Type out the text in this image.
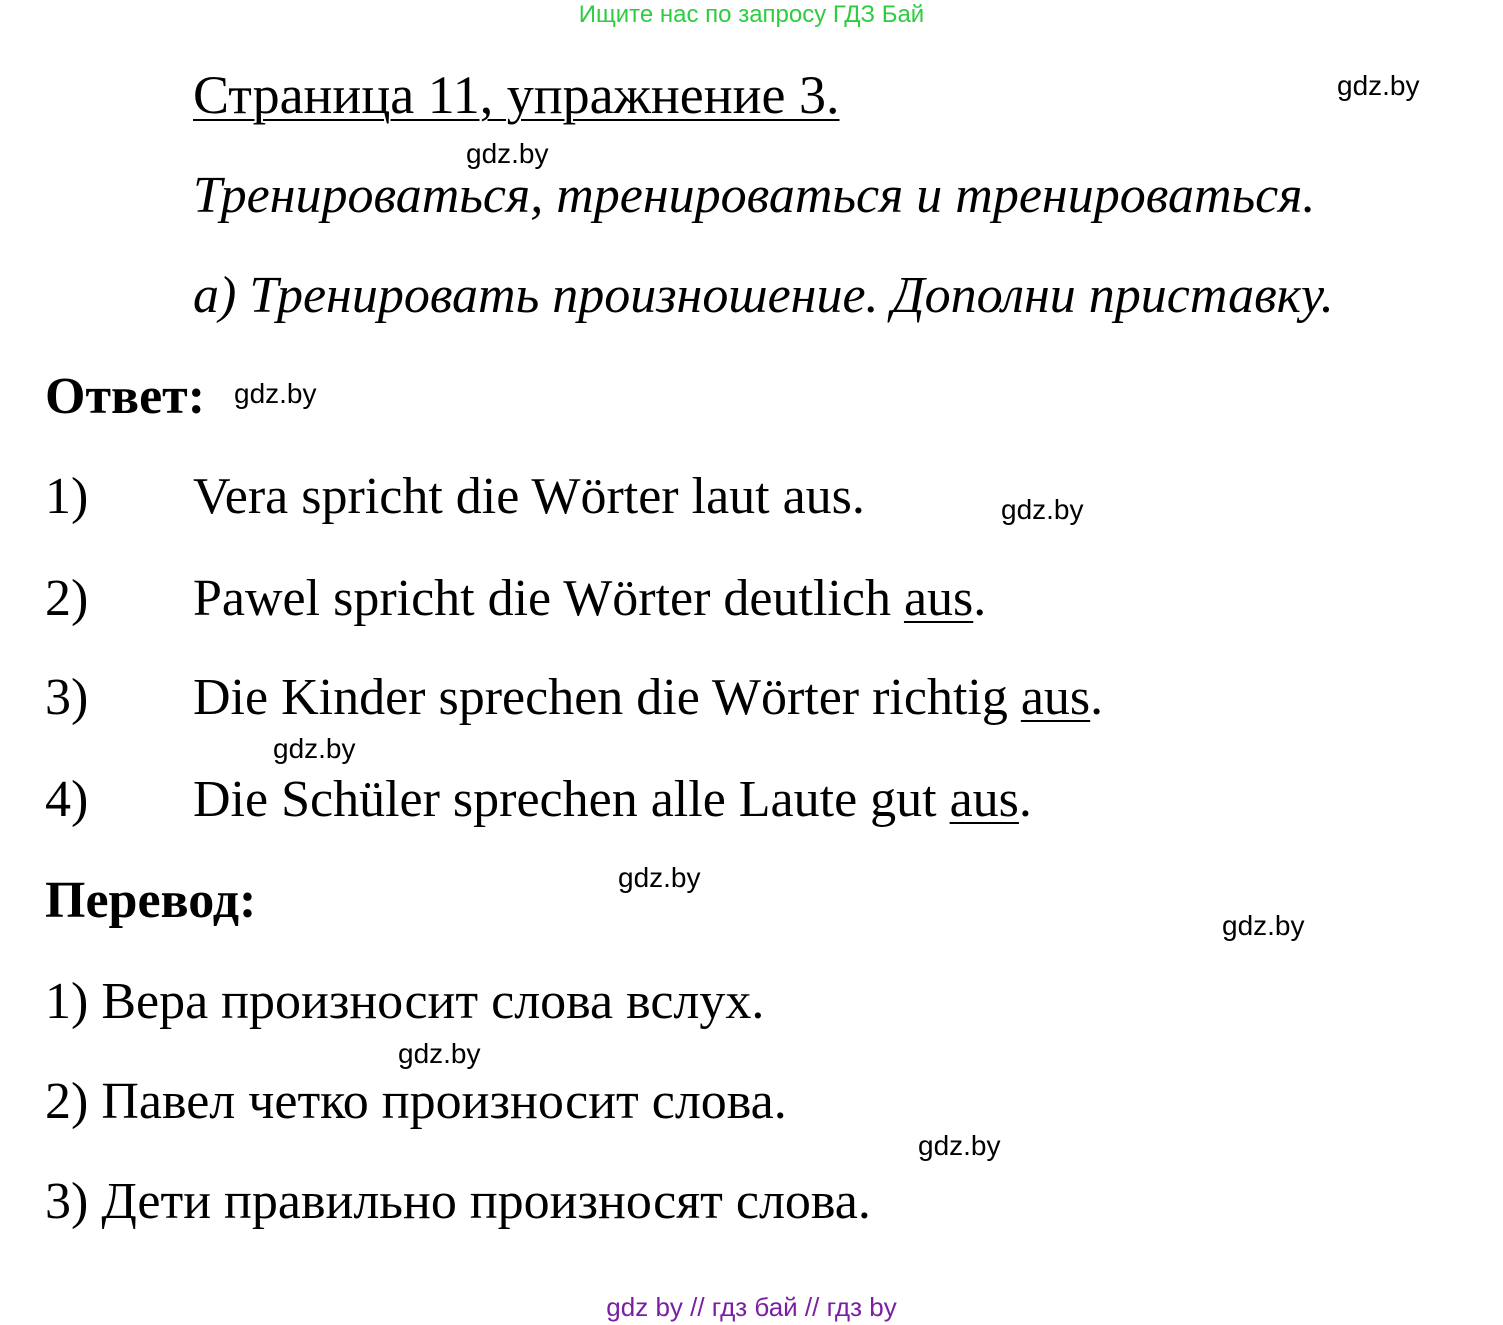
Ищите нас по запросу ГДЗ Бай
Страница 11, упражнение 3.	gdz.by
gdz.by
Тренироваться, тренироваться и тренироваться.
а) Тренировать произношение. Дополни приставку.
Ответ: gdz.by
1) Vera spricht die Wörter laut aus.	gdz.by
2) Pawel spricht die Wörter deutlich aus.
3) Die Kinder sprechen die Wörter richtig aus.
gdz.by
4) Die Schüler sprechen alle Laute gut aus.
gdz.by
Перевод:	gdz.by
1) Вера произносит слова вслух.
gdz.by
2) Павел четко произносит слова.
gdz.by
3) Дети правильно произносят слова.
gdz by // гдз бай // гдз by
